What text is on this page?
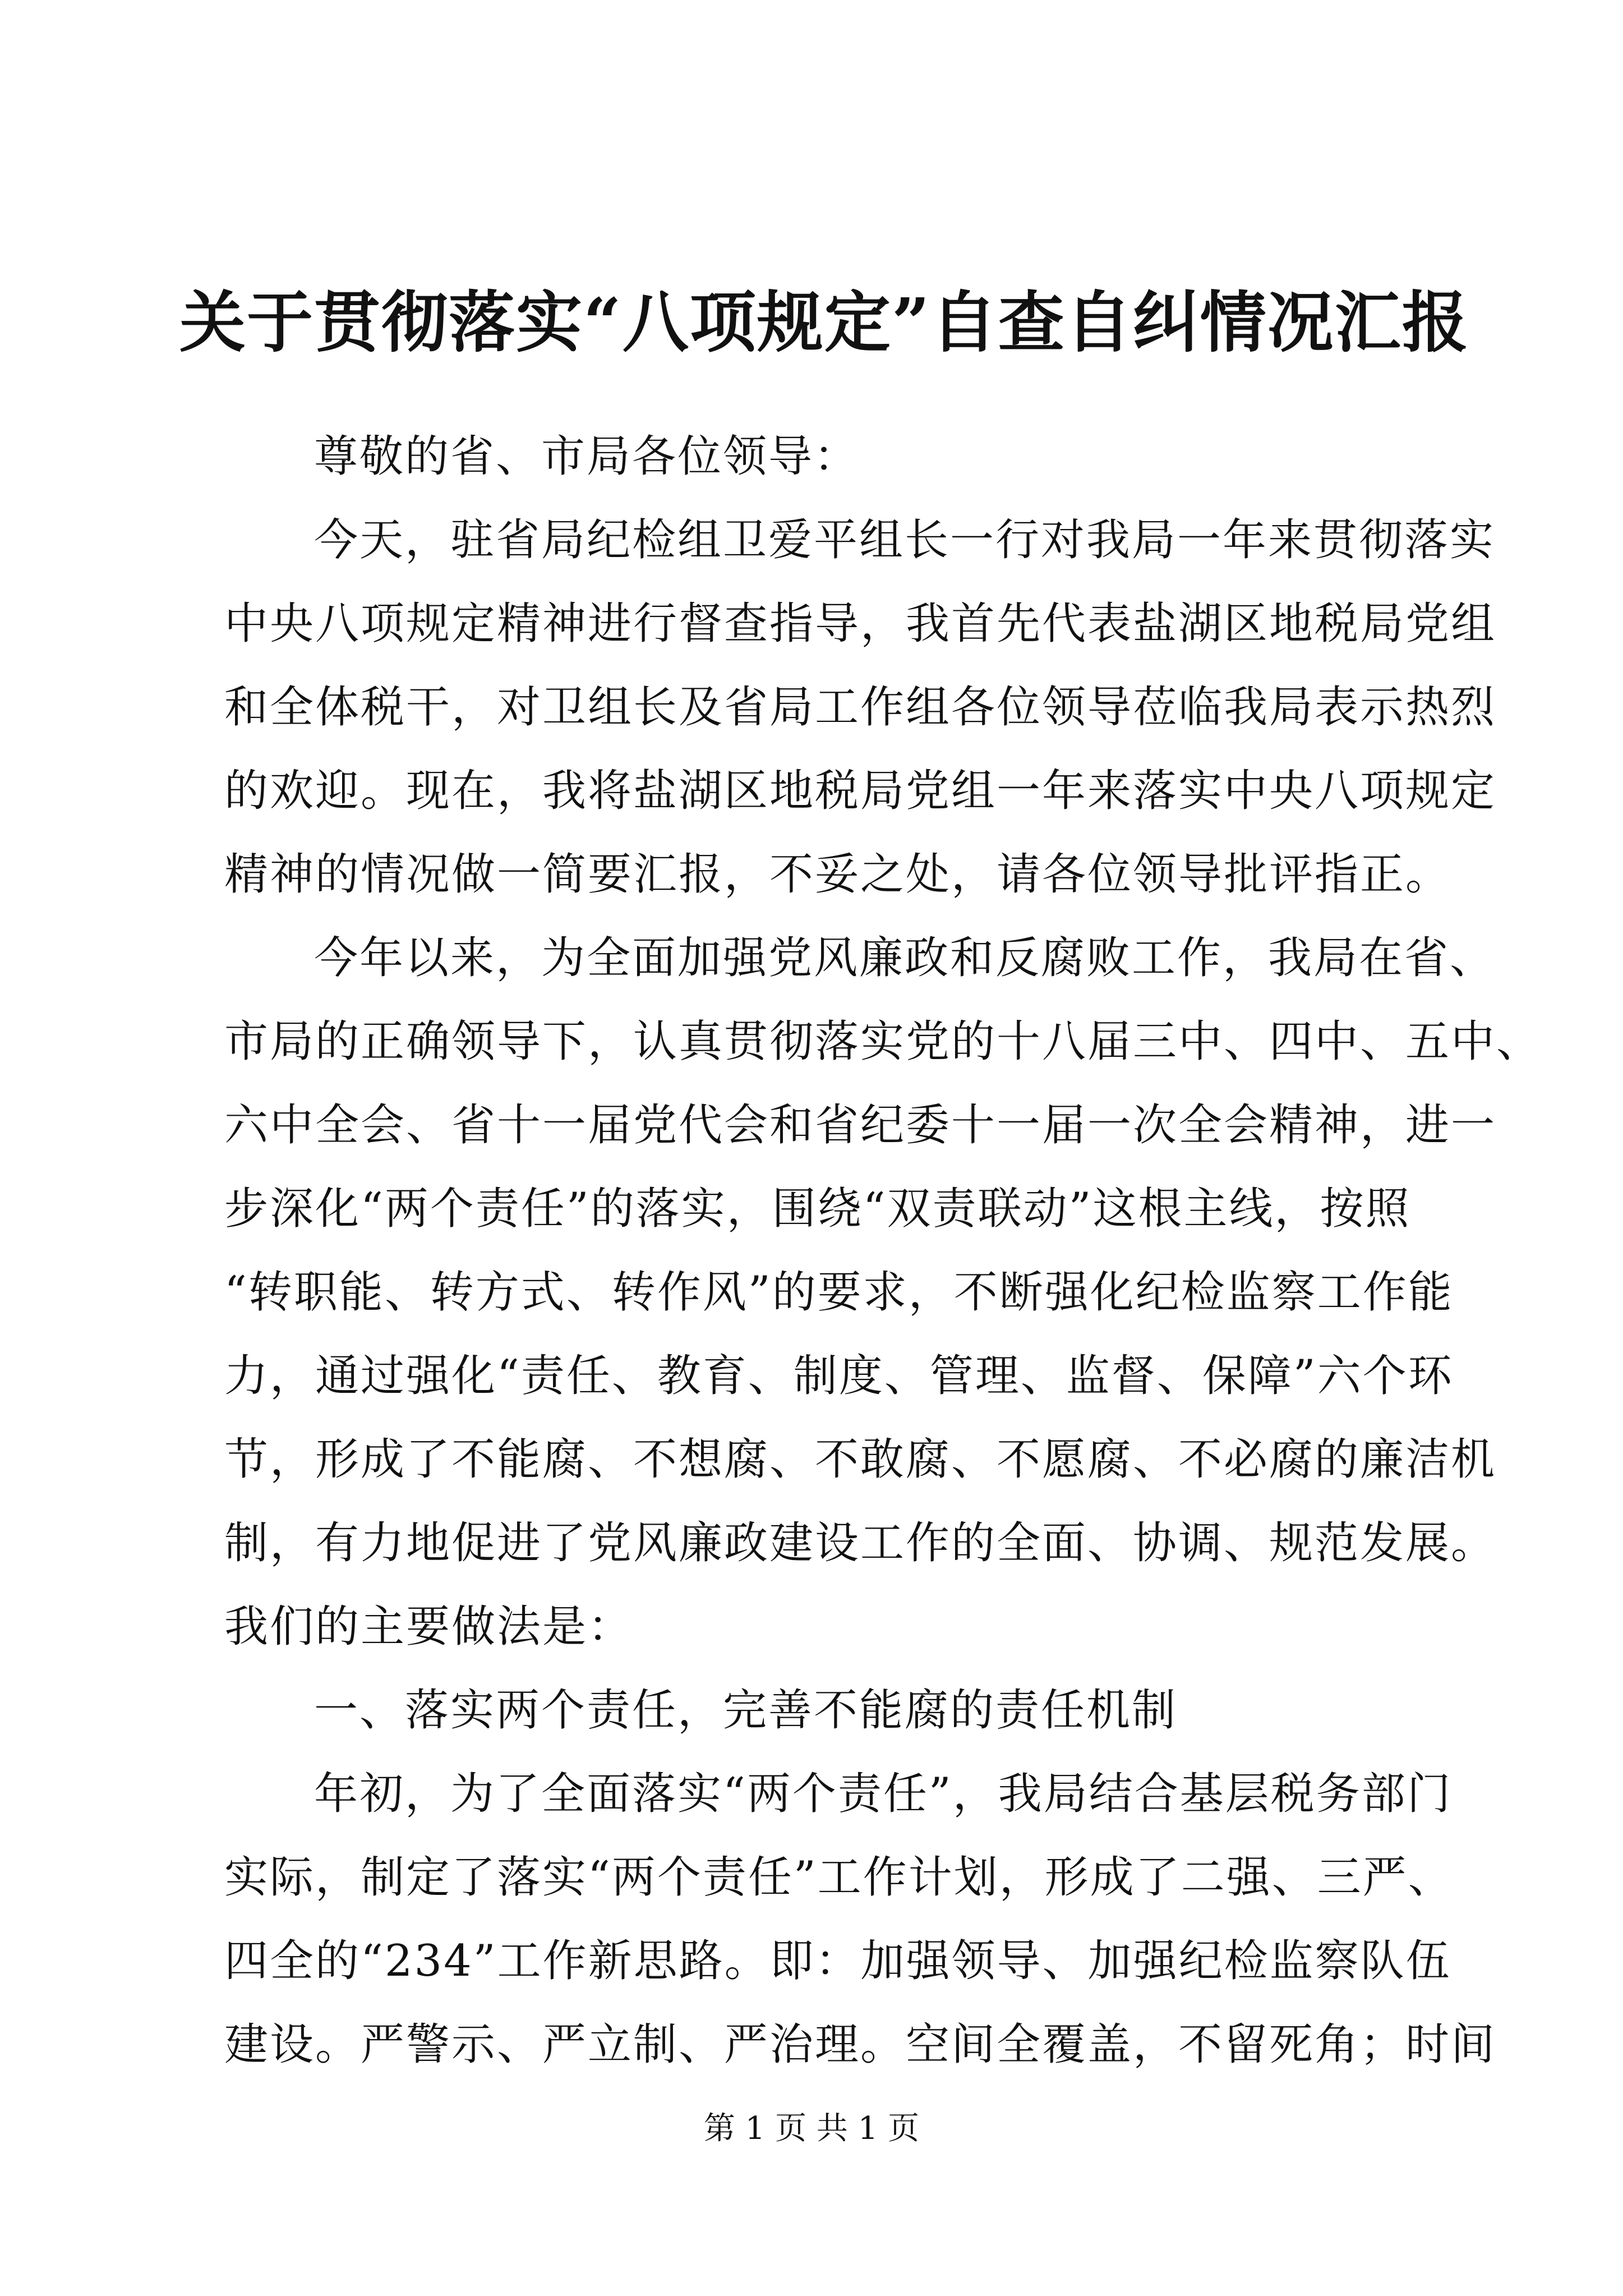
关于贯彻落实“八项规定”自查自纠情况汇报
尊敬的省、市局各位领导：
今天，驻省局纪检组卫爱平组长一行对我局一年来贯彻落实
中央八项规定精神进行督查指导，我首先代表盐湖区地税局党组
和全体税干，对卫组长及省局工作组各位领导莅临我局表示热烈
的欢迎。现在，我将盐湖区地税局党组一年来落实中央八项规定
精神的情况做一简要汇报，不妥之处，请各位领导批评指正。
今年以来，为全面加强党风廉政和反腐败工作，我局在省、
市局的正确领导下，认真贯彻落实党的十八届三中、四中、五中、
六中全会、省十一届党代会和省纪委十一届一次全会精神，进一
步深化“两个责任”的落实，围绕“双责联动”这根主线，按照
“转职能、转方式、转作风”的要求，不断强化纪检监察工作能
力，通过强化“责任、教育、制度、管理、监督、保障”六个环
节，形成了不能腐、不想腐、不敢腐、不愿腐、不必腐的廉洁机
制，有力地促进了党风廉政建设工作的全面、协调、规范发展。
我们的主要做法是：
一、落实两个责任，完善不能腐的责任机制
年初，为了全面落实“两个责任”，我局结合基层税务部门
实际，制定了落实“两个责任”工作计划，形成了二强、三严、
四全的“234”工作新思路。即：加强领导、加强纪检监察队伍
建设。严警示、严立制、严治理。空间全覆盖，不留死角；时间
第 1 页 共 1 页
